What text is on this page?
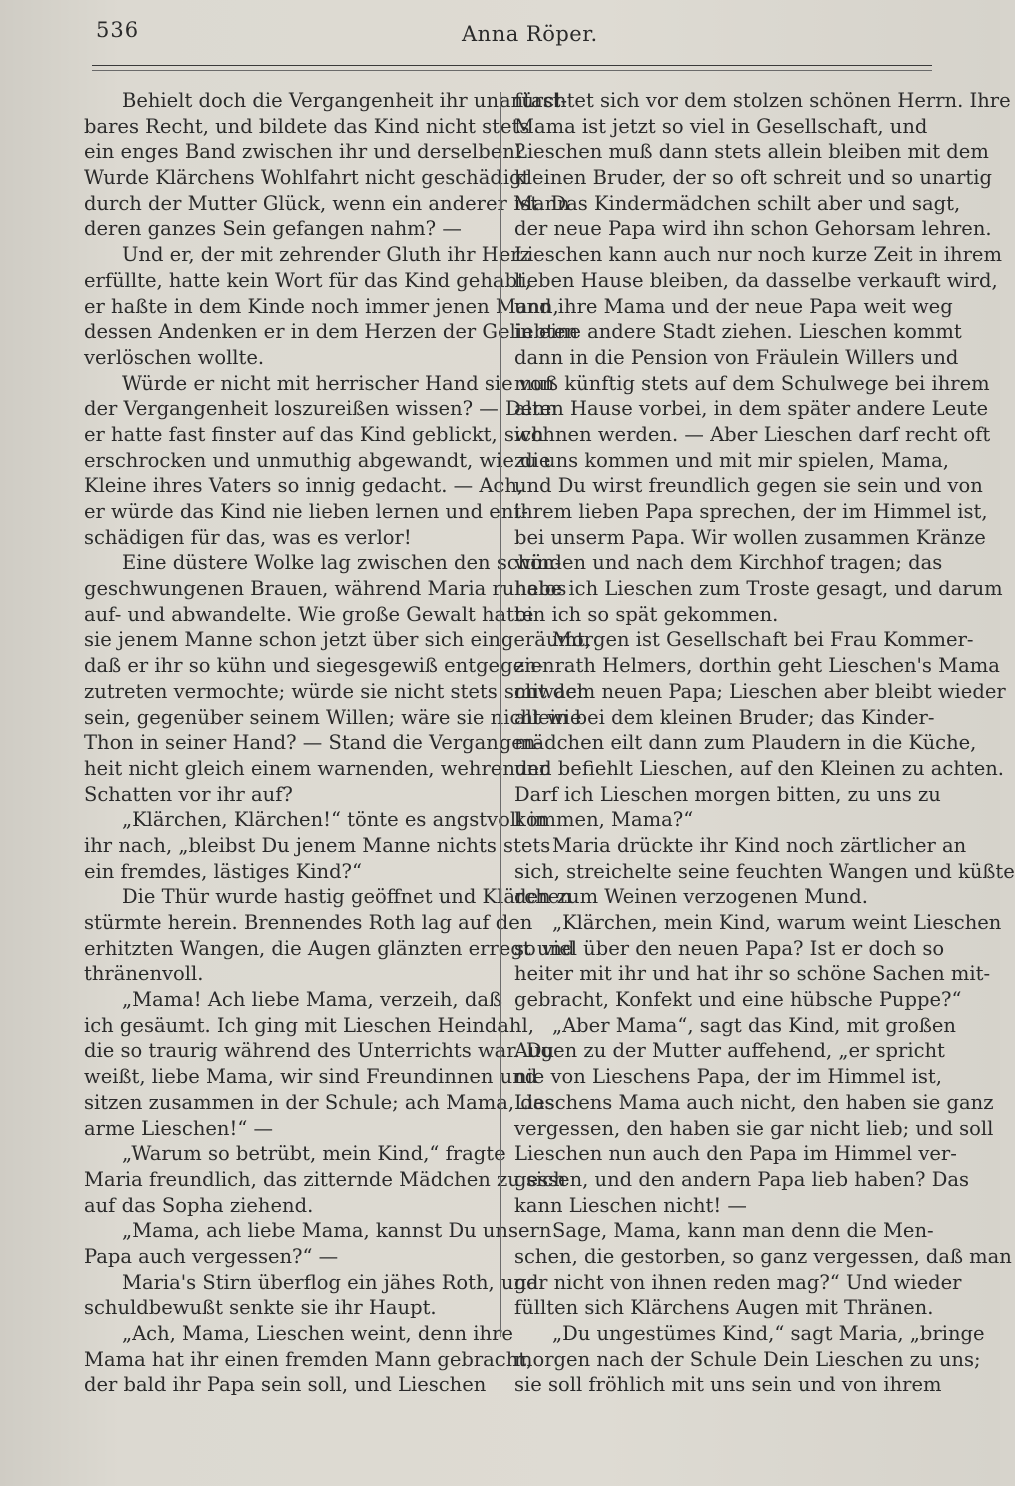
536	Anna Röper.
Behielt doch die Vergangenheit ihr unantast-
bares Recht, und bildete das Kind nicht stets
ein enges Band zwischen ihr und derselben?
Wurde Klärchens Wohlfahrt nicht geschädigt
durch der Mutter Glück, wenn ein anderer Mann
deren ganzes Sein gefangen nahm? —
Und er, der mit zehrender Gluth ihr Herz
erfüllte, hatte kein Wort für das Kind gehabt,
er haßte in dem Kinde noch immer jenen Mann,
dessen Andenken er in dem Herzen der Geliebten
verlöschen wollte.
Würde er nicht mit herrischer Hand sie von
der Vergangenheit loszureißen wissen? — Denn
er hatte fast finster auf das Kind geblickt, sich
erschrocken und unmuthig abgewandt, wie die
Kleine ihres Vaters so innig gedacht. — Ach,
er würde das Kind nie lieben lernen und ent-
schädigen für das, was es verlor!
Eine düstere Wolke lag zwischen den schön-
geschwungenen Brauen, während Maria ruhelos
auf- und abwandelte. Wie große Gewalt hatte
sie jenem Manne schon jetzt über sich eingeräumt,
daß er ihr so kühn und siegesgewiß entgegen-
zutreten vermochte; würde sie nicht stets schwach
sein, gegenüber seinem Willen; wäre sie nicht wie
Thon in seiner Hand? — Stand die Vergangen-
heit nicht gleich einem warnenden, wehrenden
Schatten vor ihr auf?
„Klärchen, Klärchen!“ tönte es angstvoll in
ihr nach, „bleibst Du jenem Manne nichts stets
ein fremdes, lästiges Kind?“
Die Thür wurde hastig geöffnet und Klärchen
stürmte herein. Brennendes Roth lag auf den
erhitzten Wangen, die Augen glänzten erregt und
thränenvoll.
„Mama! Ach liebe Mama, verzeih, daß
ich gesäumt. Ich ging mit Lieschen Heindahl,
die so traurig während des Unterrichts war. Du
weißt, liebe Mama, wir sind Freundinnen und
sitzen zusammen in der Schule; ach Mama, das
arme Lieschen!“ —
„Warum so betrübt, mein Kind,“ fragte
Maria freundlich, das zitternde Mädchen zu sich
auf das Sopha ziehend.
„Mama, ach liebe Mama, kannst Du unsern
Papa auch vergessen?“ —
Maria's Stirn überflog ein jähes Roth, und
schuldbewußt senkte sie ihr Haupt.
„Ach, Mama, Lieschen weint, denn ihre
Mama hat ihr einen fremden Mann gebracht,
der bald ihr Papa sein soll, und Lieschen
fürchtet sich vor dem stolzen schönen Herrn. Ihre
Mama ist jetzt so viel in Gesellschaft, und
Lieschen muß dann stets allein bleiben mit dem
kleinen Bruder, der so oft schreit und so unartig
ist. Das Kindermädchen schilt aber und sagt,
der neue Papa wird ihn schon Gehorsam lehren.
Lieschen kann auch nur noch kurze Zeit in ihrem
lieben Hause bleiben, da dasselbe verkauft wird,
und ihre Mama und der neue Papa weit weg
in eine andere Stadt ziehen. Lieschen kommt
dann in die Pension von Fräulein Willers und
muß künftig stets auf dem Schulwege bei ihrem
alten Hause vorbei, in dem später andere Leute
wohnen werden. — Aber Lieschen darf recht oft
zu uns kommen und mit mir spielen, Mama,
und Du wirst freundlich gegen sie sein und von
ihrem lieben Papa sprechen, der im Himmel ist,
bei unserm Papa. Wir wollen zusammen Kränze
winden und nach dem Kirchhof tragen; das
habe ich Lieschen zum Troste gesagt, und darum
bin ich so spät gekommen.
Morgen ist Gesellschaft bei Frau Kommer-
zienrath Helmers, dorthin geht Lieschen's Mama
mit dem neuen Papa; Lieschen aber bleibt wieder
allein bei dem kleinen Bruder; das Kinder-
mädchen eilt dann zum Plaudern in die Küche,
und befiehlt Lieschen, auf den Kleinen zu achten.
Darf ich Lieschen morgen bitten, zu uns zu
kommen, Mama?“
Maria drückte ihr Kind noch zärtlicher an
sich, streichelte seine feuchten Wangen und küßte
den zum Weinen verzogenen Mund.
„Klärchen, mein Kind, warum weint Lieschen
so viel über den neuen Papa? Ist er doch so
heiter mit ihr und hat ihr so schöne Sachen mit-
gebracht, Konfekt und eine hübsche Puppe?“
„Aber Mama“, sagt das Kind, mit großen
Augen zu der Mutter auffehend, „er spricht
nie von Lieschens Papa, der im Himmel ist,
Lieschens Mama auch nicht, den haben sie ganz
vergessen, den haben sie gar nicht lieb; und soll
Lieschen nun auch den Papa im Himmel ver-
gessen, und den andern Papa lieb haben? Das
kann Lieschen nicht! —
Sage, Mama, kann man denn die Men-
schen, die gestorben, so ganz vergessen, daß man
gar nicht von ihnen reden mag?“ Und wieder
füllten sich Klärchens Augen mit Thränen.
„Du ungestümes Kind,“ sagt Maria, „bringe
morgen nach der Schule Dein Lieschen zu uns;
sie soll fröhlich mit uns sein und von ihrem
